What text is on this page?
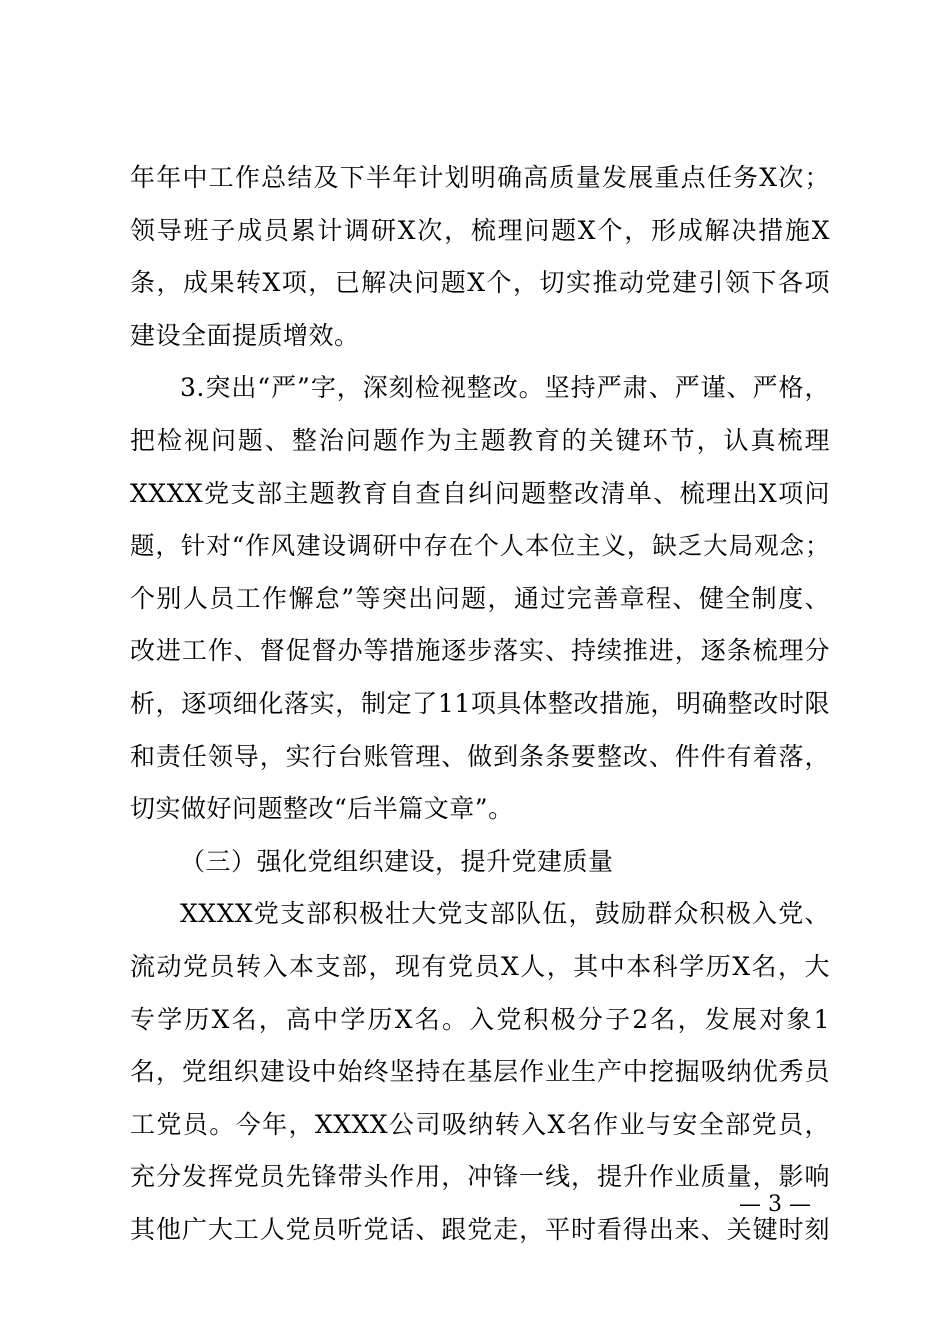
年年中工作总结及下半年计划明确高质量发展重点任务X次；
领导班子成员累计调研X次，梳理问题X个，形成解决措施X
条，成果转X项，已解决问题X个，切实推动党建引领下各项
建设全面提质增效。
3.突出“严”字，深刻检视整改。坚持严肃、严谨、严格，
把检视问题、整治问题作为主题教育的关键环节，认真梳理
XXXX党支部主题教育自查自纠问题整改清单、梳理出X项问
题，针对“作风建设调研中存在个人本位主义，缺乏大局观念；
个别人员工作懈怠”等突出问题，通过完善章程、健全制度、
改进工作、督促督办等措施逐步落实、持续推进，逐条梳理分
析，逐项细化落实，制定了11项具体整改措施，明确整改时限
和责任领导，实行台账管理、做到条条要整改、件件有着落，
切实做好问题整改“后半篇文章”。
（三）强化党组织建设，提升党建质量
XXXX党支部积极壮大党支部队伍，鼓励群众积极入党、
流动党员转入本支部，现有党员X人，其中本科学历X名，大
专学历X名，高中学历X名。入党积极分子2名，发展对象1
名，党组织建设中始终坚持在基层作业生产中挖掘吸纳优秀员
工党员。今年，XXXX公司吸纳转入X名作业与安全部党员，
充分发挥党员先锋带头作用，冲锋一线，提升作业质量，影响
其他广大工人党员听党话、跟党走，平时看得出来、关键时刻
— 3 —
